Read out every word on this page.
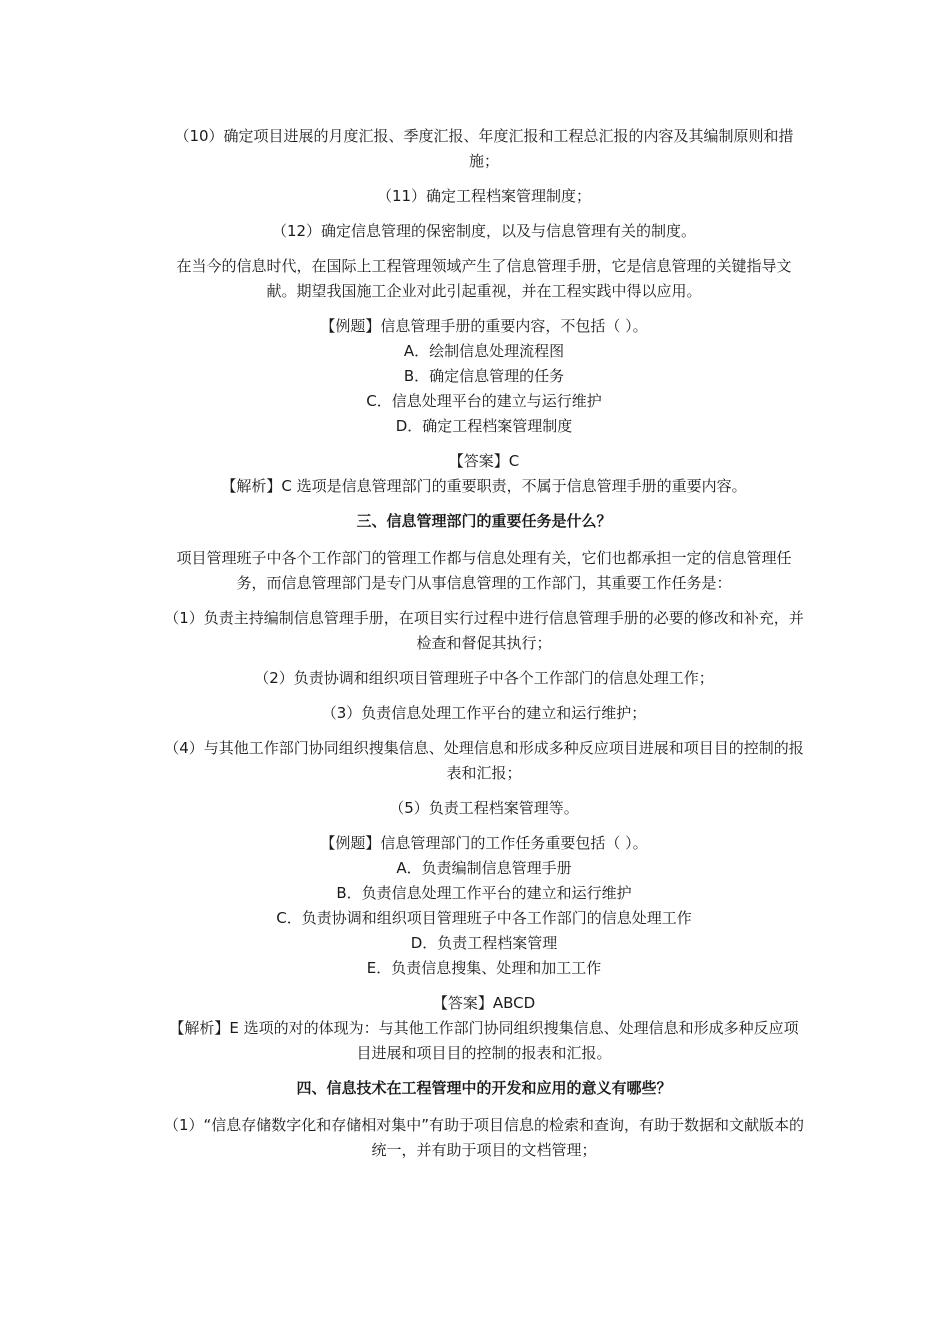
（10）确定项目进展的月度汇报、季度汇报、年度汇报和工程总汇报的内容及其编制原则和措施；

（11）确定工程档案管理制度；

（12）确定信息管理的保密制度，以及与信息管理有关的制度。

在当今的信息时代，在国际上工程管理领域产生了信息管理手册，它是信息管理的关键指导文献。期望我国施工企业对此引起重视，并在工程实践中得以应用。

【例题】信息管理手册的重要内容，不包括（ ）。

A．绘制信息处理流程图

B．确定信息管理的任务

C．信息处理平台的建立与运行维护

D．确定工程档案管理制度

【答案】C

【解析】C 选项是信息管理部门的重要职责，不属于信息管理手册的重要内容。

三、信息管理部门的重要任务是什么？

项目管理班子中各个工作部门的管理工作都与信息处理有关，它们也都承担一定的信息管理任务，而信息管理部门是专门从事信息管理的工作部门，其重要工作任务是：

（1）负责主持编制信息管理手册，在项目实行过程中进行信息管理手册的必要的修改和补充，并检查和督促其执行；

（2）负责协调和组织项目管理班子中各个工作部门的信息处理工作；

（3）负责信息处理工作平台的建立和运行维护；

（4）与其他工作部门协同组织搜集信息、处理信息和形成多种反应项目进展和项目目的控制的报表和汇报；

（5）负责工程档案管理等。

【例题】信息管理部门的工作任务重要包括（ ）。

A．负责编制信息管理手册

B．负责信息处理工作平台的建立和运行维护

C．负责协调和组织项目管理班子中各工作部门的信息处理工作

D．负责工程档案管理

E．负责信息搜集、处理和加工工作

【答案】ABCD

【解析】E 选项的对的体现为：与其他工作部门协同组织搜集信息、处理信息和形成多种反应项目进展和项目目的控制的报表和汇报。

四、信息技术在工程管理中的开发和应用的意义有哪些？

（1）“信息存储数字化和存储相对集中”有助于项目信息的检索和查询，有助于数据和文献版本的统一，并有助于项目的文档管理；
